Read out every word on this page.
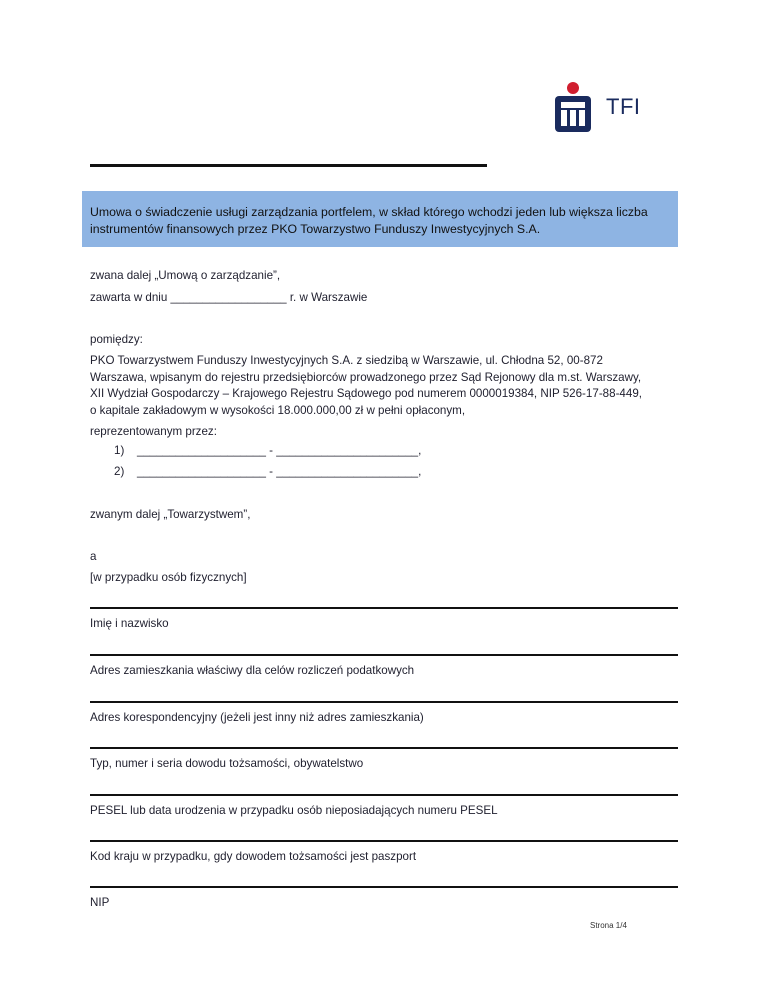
TFI
Umowa o świadczenie usługi zarządzania portfelem, w skład którego wchodzi jeden lub większa liczba instrumentów finansowych przez PKO Towarzystwo Funduszy Inwestycyjnych S.A.
zwana dalej „Umową o zarządzanie”,
zawarta w dniu __________________ r. w Warszawie
pomiędzy:
PKO Towarzystwem Funduszy Inwestycyjnych S.A. z siedzibą w Warszawie, ul. Chłodna 52, 00-872 Warszawa, wpisanym do rejestru przedsiębiorców prowadzonego przez Sąd Rejonowy dla m.st. Warszawy, XII Wydział Gospodarczy – Krajowego Rejestru Sądowego pod numerem 0000019384, NIP 526-17-88-449, o kapitale zakładowym w wysokości 18.000.000,00 zł w pełni opłaconym,
reprezentowanym przez:
1) ____________________ - ______________________,
2) ____________________ - ______________________,
zwanym dalej „Towarzystwem”,
a
[w przypadku osób fizycznych]
Imię i nazwisko
Adres zamieszkania właściwy dla celów rozliczeń podatkowych
Adres korespondencyjny (jeżeli jest inny niż adres zamieszkania)
Typ, numer i seria dowodu tożsamości, obywatelstwo
PESEL lub data urodzenia w przypadku osób nieposiadających numeru PESEL
Kod kraju w przypadku, gdy dowodem tożsamości jest paszport
NIP
Strona 1/4
